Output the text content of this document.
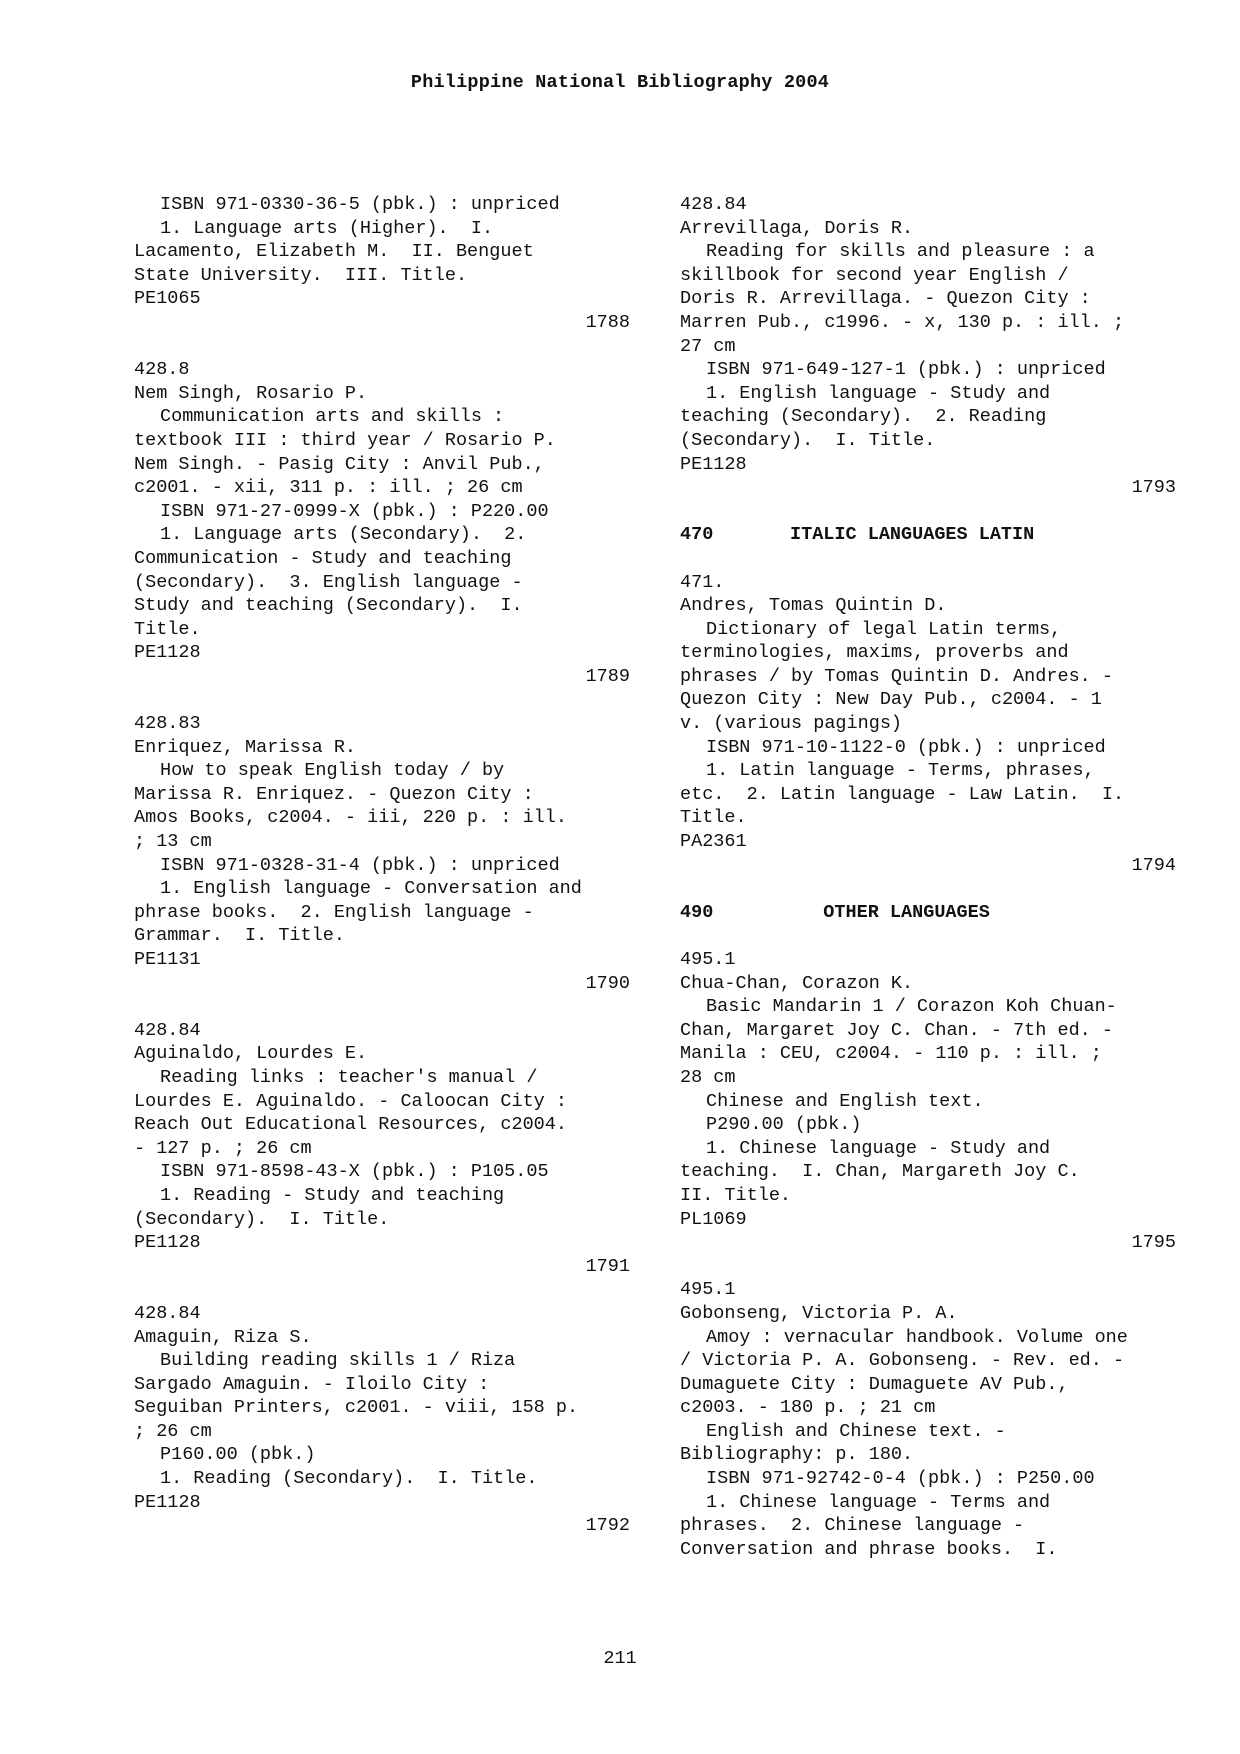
Philippine National Bibliography 2004
ISBN 971-0330-36-5 (pbk.) : unpriced
1. Language arts (Higher).  I.
Lacamento, Elizabeth M.  II. Benguet
State University.  III. Title.
PE1065
1788
428.8
Nem Singh, Rosario P.
Communication arts and skills :
textbook III : third year / Rosario P.
Nem Singh. - Pasig City : Anvil Pub.,
c2001. - xii, 311 p. : ill. ; 26 cm
ISBN 971-27-0999-X (pbk.) : P220.00
1. Language arts (Secondary).  2.
Communication - Study and teaching
(Secondary).  3. English language -
Study and teaching (Secondary).  I.
Title.
PE1128
1789
428.83
Enriquez, Marissa R.
How to speak English today / by
Marissa R. Enriquez. - Quezon City :
Amos Books, c2004. - iii, 220 p. : ill.
; 13 cm
ISBN 971-0328-31-4 (pbk.) : unpriced
1. English language - Conversation and
phrase books.  2. English language -
Grammar.  I. Title.
PE1131
1790
428.84
Aguinaldo, Lourdes E.
Reading links : teacher's manual /
Lourdes E. Aguinaldo. - Caloocan City :
Reach Out Educational Resources, c2004.
- 127 p. ; 26 cm
ISBN 971-8598-43-X (pbk.) : P105.05
1. Reading - Study and teaching
(Secondary).  I. Title.
PE1128
1791
428.84
Amaguin, Riza S.
Building reading skills 1 / Riza
Sargado Amaguin. - Iloilo City :
Seguiban Printers, c2001. - viii, 158 p.
; 26 cm
P160.00 (pbk.)
1. Reading (Secondary).  I. Title.
PE1128
1792
428.84
Arrevillaga, Doris R.
Reading for skills and pleasure : a
skillbook for second year English /
Doris R. Arrevillaga. - Quezon City :
Marren Pub., c1996. - x, 130 p. : ill. ;
27 cm
ISBN 971-649-127-1 (pbk.) : unpriced
1. English language - Study and
teaching (Secondary).  2. Reading
(Secondary).  I. Title.
PE1128
1793
470	ITALIC LANGUAGES LATIN
471.
Andres, Tomas Quintin D.
Dictionary of legal Latin terms,
terminologies, maxims, proverbs and
phrases / by Tomas Quintin D. Andres. -
Quezon City : New Day Pub., c2004. - 1
v. (various pagings)
ISBN 971-10-1122-0 (pbk.) : unpriced
1. Latin language - Terms, phrases,
etc.  2. Latin language - Law Latin.  I.
Title.
PA2361
1794
490	OTHER LANGUAGES
495.1
Chua-Chan, Corazon K.
Basic Mandarin 1 / Corazon Koh Chuan-
Chan, Margaret Joy C. Chan. - 7th ed. -
Manila : CEU, c2004. - 110 p. : ill. ;
28 cm
Chinese and English text.
P290.00 (pbk.)
1. Chinese language - Study and
teaching.  I. Chan, Margareth Joy C.
II. Title.
PL1069
1795
495.1
Gobonseng, Victoria P. A.
Amoy : vernacular handbook. Volume one
/ Victoria P. A. Gobonseng. - Rev. ed. -
Dumaguete City : Dumaguete AV Pub.,
c2003. - 180 p. ; 21 cm
English and Chinese text. -
Bibliography: p. 180.
ISBN 971-92742-0-4 (pbk.) : P250.00
1. Chinese language - Terms and
phrases.  2. Chinese language -
Conversation and phrase books.  I.
211
